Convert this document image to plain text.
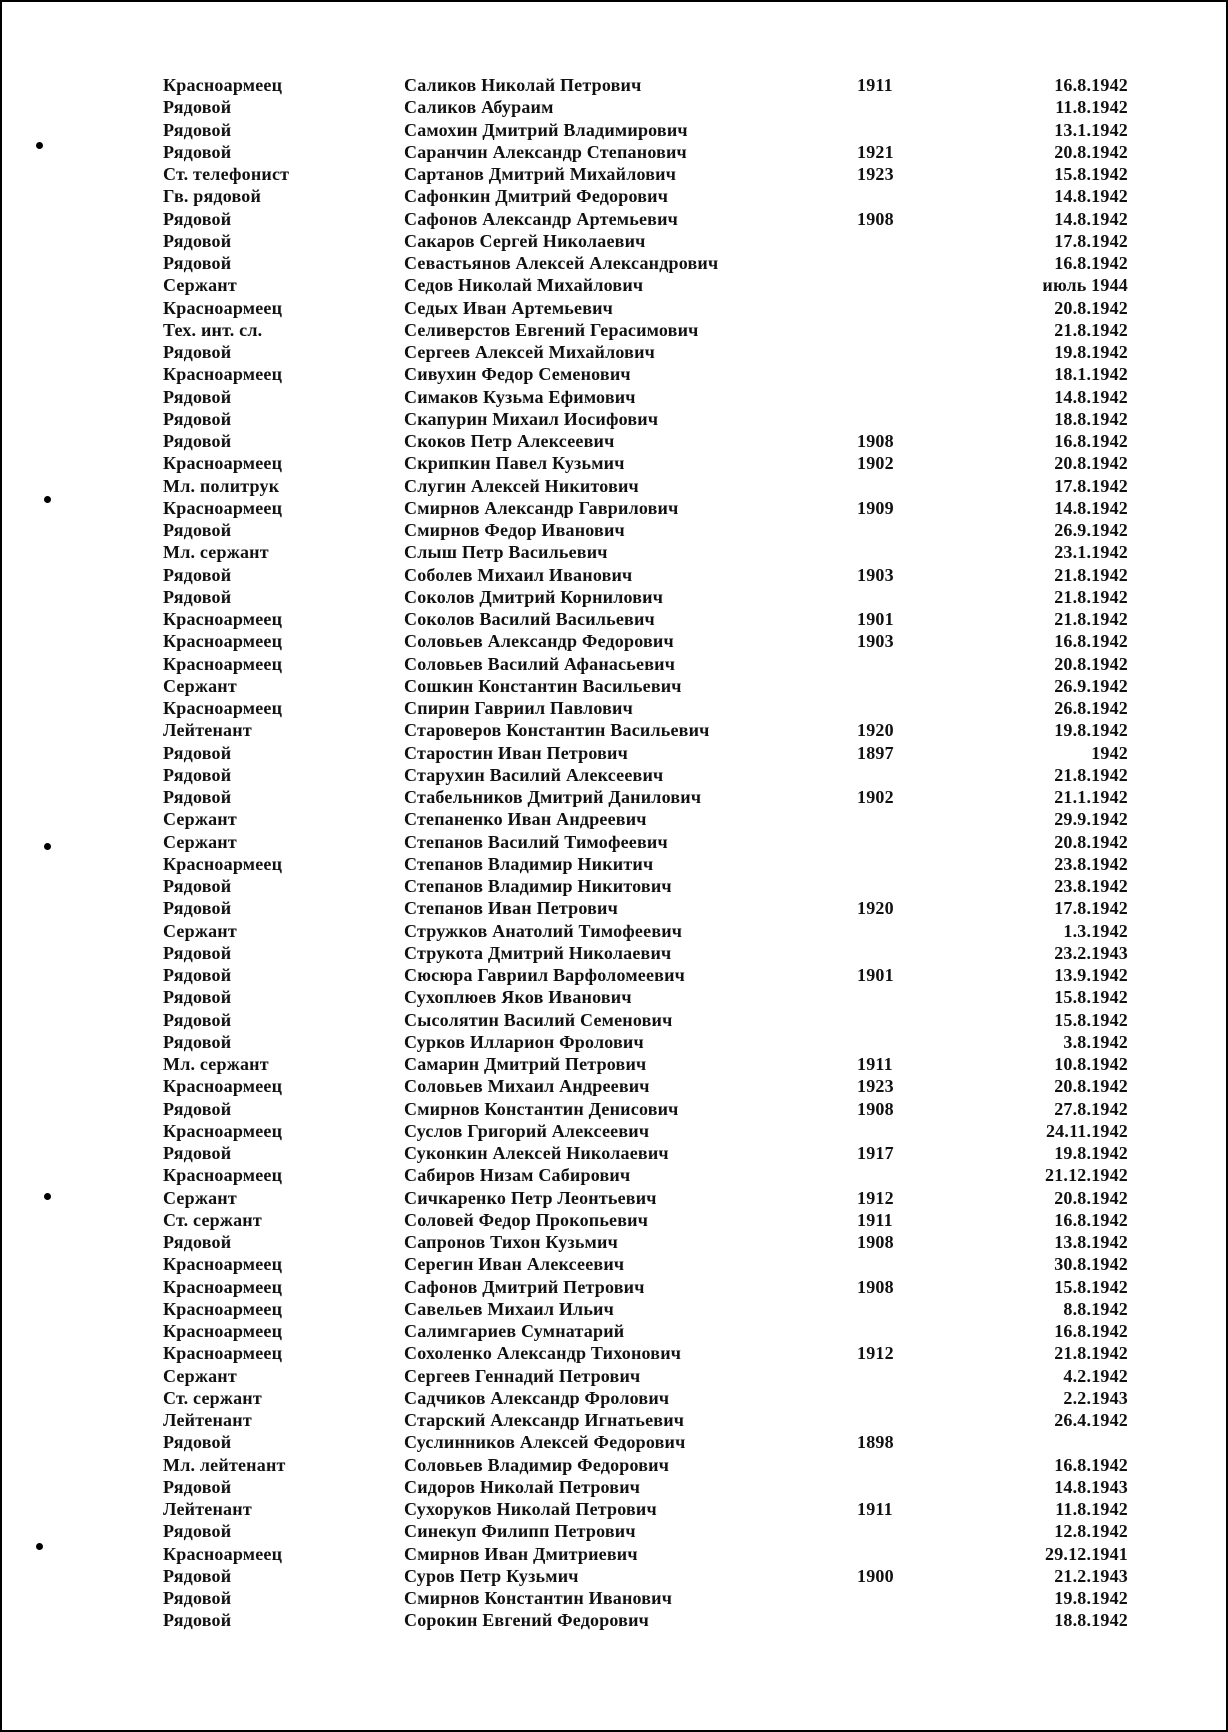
Красноармеец	Саликов Николай Петрович	1911	16.8.1942
Рядовой	Саликов Абураим	11.8.1942
Рядовой	Самохин Дмитрий Владимирович	13.1.1942
Рядовой	Саранчин Александр Степанович	1921	20.8.1942
Ст. телефонист	Сартанов Дмитрий Михайлович	1923	15.8.1942
Гв. рядовой	Сафонкин Дмитрий Федорович	14.8.1942
Рядовой	Сафонов Александр Артемьевич	1908	14.8.1942
Рядовой	Сакаров Сергей Николаевич	17.8.1942
Рядовой	Севастьянов Алексей Александрович	16.8.1942
Сержант	Седов Николай Михайлович	июль 1944
Красноармеец	Седых Иван Артемьевич	20.8.1942
Тех. инт. сл.	Селиверстов Евгений Герасимович	21.8.1942
Рядовой	Сергеев Алексей Михайлович	19.8.1942
Красноармеец	Сивухин Федор Семенович	18.1.1942
Рядовой	Симаков Кузьма Ефимович	14.8.1942
Рядовой	Скапурин Михаил Иосифович	18.8.1942
Рядовой	Скоков Петр Алексеевич	1908	16.8.1942
Красноармеец	Скрипкин Павел Кузьмич	1902	20.8.1942
Мл. политрук	Слугин Алексей Никитович	17.8.1942
Красноармеец	Смирнов Александр Гаврилович	1909	14.8.1942
Рядовой	Смирнов Федор Иванович	26.9.1942
Мл. сержант	Слыш Петр Васильевич	23.1.1942
Рядовой	Соболев Михаил Иванович	1903	21.8.1942
Рядовой	Соколов Дмитрий Корнилович	21.8.1942
Красноармеец	Соколов Василий Васильевич	1901	21.8.1942
Красноармеец	Соловьев Александр Федорович	1903	16.8.1942
Красноармеец	Соловьев Василий Афанасьевич	20.8.1942
Сержант	Сошкин Константин Васильевич	26.9.1942
Красноармеец	Спирин Гавриил Павлович	26.8.1942
Лейтенант	Староверов Константин Васильевич	1920	19.8.1942
Рядовой	Старостин Иван Петрович	1897	1942
Рядовой	Старухин Василий Алексеевич	21.8.1942
Рядовой	Стабельников Дмитрий Данилович	1902	21.1.1942
Сержант	Степаненко Иван Андреевич	29.9.1942
Сержант	Степанов Василий Тимофеевич	20.8.1942
Красноармеец	Степанов Владимир Никитич	23.8.1942
Рядовой	Степанов Владимир Никитович	23.8.1942
Рядовой	Степанов Иван Петрович	1920	17.8.1942
Сержант	Стружков Анатолий Тимофеевич	1.3.1942
Рядовой	Струкота Дмитрий Николаевич	23.2.1943
Рядовой	Сюсюра Гавриил Варфоломеевич	1901	13.9.1942
Рядовой	Сухоплюев Яков Иванович	15.8.1942
Рядовой	Сысолятин Василий Семенович	15.8.1942
Рядовой	Сурков Илларион Фролович	3.8.1942
Мл. сержант	Самарин Дмитрий Петрович	1911	10.8.1942
Красноармеец	Соловьев Михаил Андреевич	1923	20.8.1942
Рядовой	Смирнов Константин Денисович	1908	27.8.1942
Красноармеец	Суслов Григорий Алексеевич	24.11.1942
Рядовой	Суконкин Алексей Николаевич	1917	19.8.1942
Красноармеец	Сабиров Низам Сабирович	21.12.1942
Сержант	Сичкаренко Петр Леонтьевич	1912	20.8.1942
Ст. сержант	Соловей Федор Прокопьевич	1911	16.8.1942
Рядовой	Сапронов Тихон Кузьмич	1908	13.8.1942
Красноармеец	Серегин Иван Алексеевич	30.8.1942
Красноармеец	Сафонов Дмитрий Петрович	1908	15.8.1942
Красноармеец	Савельев Михаил Ильич	8.8.1942
Красноармеец	Салимгариев Сумнатарий	16.8.1942
Красноармеец	Сохоленко Александр Тихонович	1912	21.8.1942
Сержант	Сергеев Геннадий Петрович	4.2.1942
Ст. сержант	Садчиков Александр Фролович	2.2.1943
Лейтенант	Старский Александр Игнатьевич	26.4.1942
Рядовой	Суслинников Алексей Федорович	1898
Мл. лейтенант	Соловьев Владимир Федорович	16.8.1942
Рядовой	Сидоров Николай Петрович	14.8.1943
Лейтенант	Сухоруков Николай Петрович	1911	11.8.1942
Рядовой	Синекуп Филипп Петрович	12.8.1942
Красноармеец	Смирнов Иван Дмитриевич	29.12.1941
Рядовой	Суров Петр Кузьмич	1900	21.2.1943
Рядовой	Смирнов Константин Иванович	19.8.1942
Рядовой	Сорокин Евгений Федорович	18.8.1942
